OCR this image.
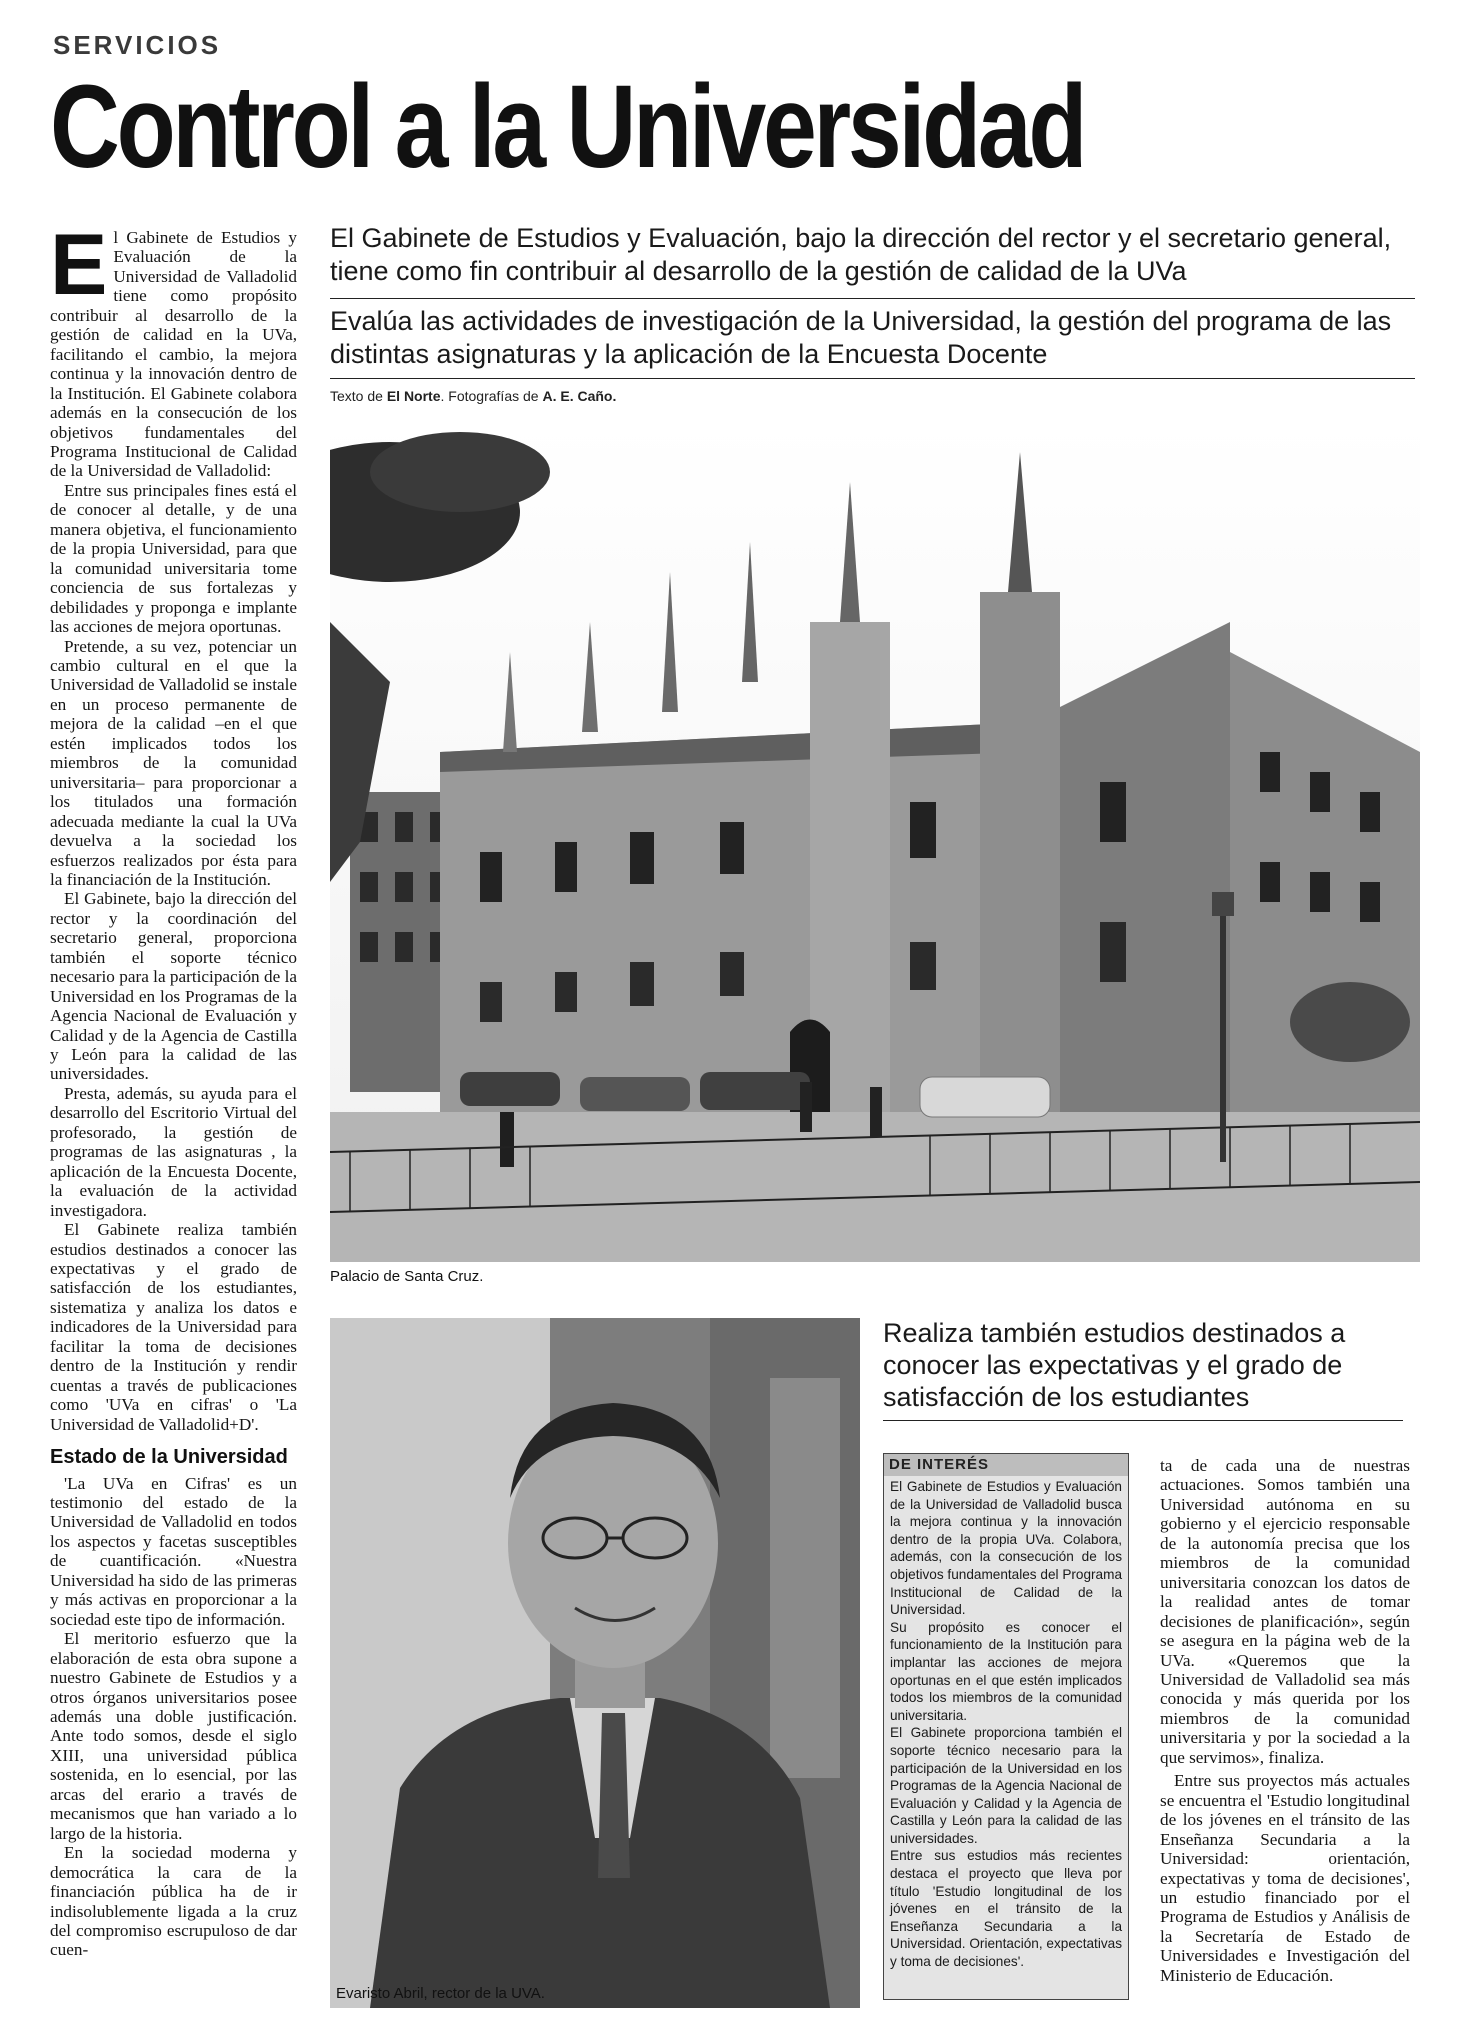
SERVICIOS
Control a la Universidad
E l Gabinete de Estudios y Evaluación de la Universidad de Valladolid tiene como propósito contribuir al desarrollo de la gestión de calidad en la UVa, facilitando el cambio, la mejora continua y la innovación dentro de la Institución. El Gabinete colabora además en la consecución de los objetivos fundamentales del Programa Institucional de Calidad de la Universidad de Valladolid:

Entre sus principales fines está el de conocer al detalle, y de una manera objetiva, el funcionamiento de la propia Universidad, para que la comunidad universitaria tome conciencia de sus fortalezas y debilidades y proponga e implante las acciones de mejora oportunas.

Pretende, a su vez, potenciar un cambio cultural en el que la Universidad de Valladolid se instale en un proceso permanente de mejora de la calidad –en el que estén implicados todos los miembros de la comunidad universitaria– para proporcionar a los titulados una formación adecuada mediante la cual la UVa devuelva a la sociedad los esfuerzos realizados por ésta para la financiación de la Institución.

El Gabinete, bajo la dirección del rector y la coordinación del secretario general, proporciona también el soporte técnico necesario para la participación de la Universidad en los Programas de la Agencia Nacional de Evaluación y Calidad y de la Agencia de Castilla y León para la calidad de las universidades.

Presta, además, su ayuda para el desarrollo del Escritorio Virtual del profesorado, la gestión de programas de las asignaturas , la aplicación de la Encuesta Docente, la evaluación de la actividad investigadora.

El Gabinete realiza también estudios destinados a conocer las expectativas y el grado de satisfacción de los estudiantes, sistematiza y analiza los datos e indicadores de la Universidad para facilitar la toma de decisiones dentro de la Institución y rendir cuentas a través de publicaciones como 'UVa en cifras' o 'La Universidad de Valladolid+D'.

Estado de la Universidad

'La UVa en Cifras' es un testimonio del estado de la Universidad de Valladolid en todos los aspectos y facetas susceptibles de cuantificación. «Nuestra Universidad ha sido de las primeras y más activas en proporcionar a la sociedad este tipo de información.

El meritorio esfuerzo que la elaboración de esta obra supone a nuestro Gabinete de Estudios y a otros órganos universitarios posee además una doble justificación. Ante todo somos, desde el siglo XIII, una universidad pública sostenida, en lo esencial, por las arcas del erario a través de mecanismos que han variado a lo largo de la historia.

En la sociedad moderna y democrática la cara de la financiación pública ha de ir indisolublemente ligada a la cruz del compromiso escrupuloso de dar cuen-

El Gabinete de Estudios y Evaluación, bajo la dirección del rector y el secretario general, tiene como fin contribuir al desarrollo de la gestión de calidad de la UVa
Evalúa las actividades de investigación de la Universidad, la gestión del programa de las distintas asignaturas y la aplicación de la Encuesta Docente
Texto de El Norte. Fotografías de A. E. Caño.
Palacio de Santa Cruz.
Evaristo Abril, rector de la UVA.
Realiza también estudios destinados a conocer las expectativas y el grado de satisfacción de los estudiantes
DE INTERÉS

El Gabinete de Estudios y Evaluación de la Universidad de Valladolid busca la mejora continua y la innovación dentro de la propia UVa. Colabora, además, con la consecución de los objetivos fundamentales del Programa Institucional de Calidad de la Universidad.

Su propósito es conocer el funcionamiento de la Institución para implantar las acciones de mejora oportunas en el que estén implicados todos los miembros de la comunidad universitaria.

El Gabinete proporciona también el soporte técnico necesario para la participación de la Universidad en los Programas de la Agencia Nacional de Evaluación y Calidad y la Agencia de Castilla y León para la calidad de las universidades.

Entre sus estudios más recientes destaca el proyecto que lleva por título 'Estudio longitudinal de los jóvenes en el tránsito de la Enseñanza Secundaria a la Universidad. Orientación, expectativas y toma de decisiones'.

ta de cada una de nuestras actuaciones. Somos también una Universidad autónoma en su gobierno y el ejercicio responsable de la autonomía precisa que los miembros de la comunidad universitaria conozcan los datos de la realidad antes de tomar decisiones de planificación», según se asegura en la página web de la UVa. «Queremos que la Universidad de Valladolid sea más conocida y más querida por los miembros de la comunidad universitaria y por la sociedad a la que servimos», finaliza.

Entre sus proyectos más actuales se encuentra el 'Estudio longitudinal de los jóvenes en el tránsito de las Enseñanza Secundaria a la Universidad: orientación, expectativas y toma de decisiones', un estudio financiado por el Programa de Estudios y Análisis de la Secretaría de Estado de Universidades e Investigación del Ministerio de Educación.
